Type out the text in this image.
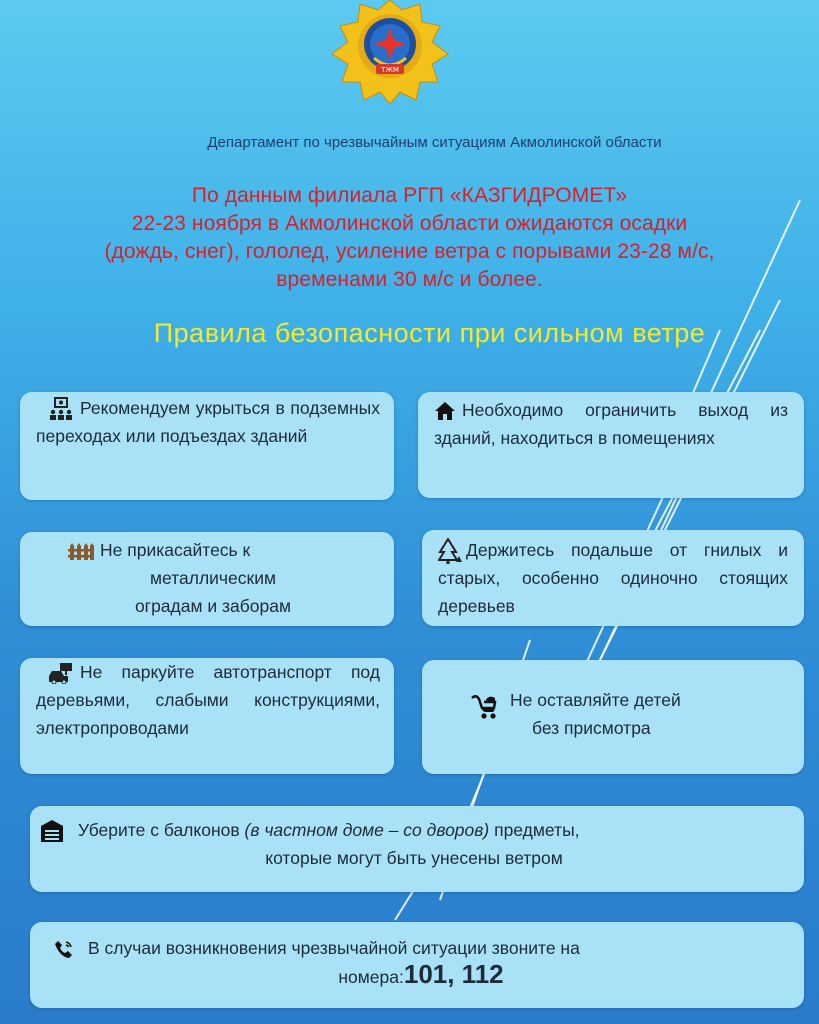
ТЖМ
Департамент по чрезвычайным ситуациям Акмолинской области
По данным филиала РГП «КАЗГИДРОМЕТ»
22-23 ноября в Акмолинской области ожидаются осадки
(дождь, снег), гололед, усиление ветра с порывами 23-28 м/с,
временами 30 м/с и более.
Правила безопасности при сильном ветре
Рекомендуем укрыться в подземных переходах или подъездах зданий
Необходимо ограничить выход из зданий, находиться в помещениях
Не прикасайтесь к
металлическим
оградам и заборам
Держитесь подальше от гнилых и старых, особенно одиночно стоящих деревьев
Не паркуйте автотранспорт под деревьями, слабыми конструкциями, электропроводами
Не оставляйте детей
без присмотра
Уберите с балконов (в частном доме – со дворов) предметы,
которые могут быть унесены ветром
В случаи возникновения чрезвычайной ситуации звоните на
номера:101, 112
